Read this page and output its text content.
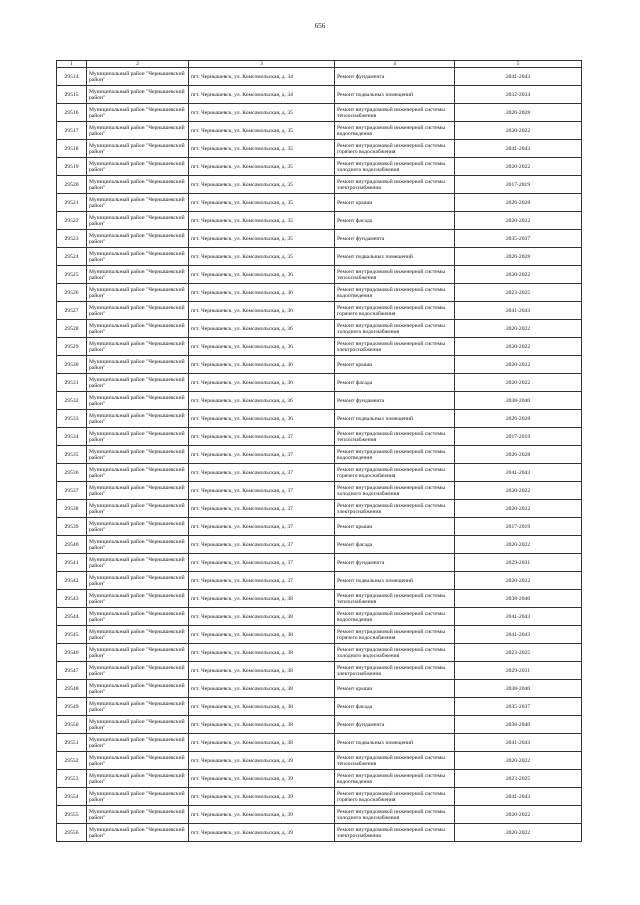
656
1	2	3	4	5
29514	Муниципальный район "Чернышевский район"	пгт. Чернышевск, ул. Комсомольская, д. 34	Ремонт фундамента	2041-2043
29515	Муниципальный район "Чернышевский район"	пгт. Чернышевск, ул. Комсомольская, д. 34	Ремонт подвальных помещений	2032-2034
29516	Муниципальный район "Чернышевский район"	пгт. Чернышевск, ул. Комсомольская, д. 35	Ремонт внутридомовой инженерной системы теплоснабжения	2026-2028
29517	Муниципальный район "Чернышевский район"	пгт. Чернышевск, ул. Комсомольская, д. 35	Ремонт внутридомовой инженерной системы водоотведения	2020-2022
29518	Муниципальный район "Чернышевский район"	пгт. Чернышевск, ул. Комсомольская, д. 35	Ремонт внутридомовой инженерной системы горячего водоснабжения	2041-2043
29519	Муниципальный район "Чернышевский район"	пгт. Чернышевск, ул. Комсомольская, д. 35	Ремонт внутридомовой инженерной системы холодного водоснабжения	2020-2022
29520	Муниципальный район "Чернышевский район"	пгт. Чернышевск, ул. Комсомольская, д. 35	Ремонт внутридомовой инженерной системы электроснабжения	2017-2019
29521	Муниципальный район "Чернышевский район"	пгт. Чернышевск, ул. Комсомольская, д. 35	Ремонт крыши	2026-2028
29522	Муниципальный район "Чернышевский район"	пгт. Чернышевск, ул. Комсомольская, д. 35	Ремонт фасада	2020-2022
29523	Муниципальный район "Чернышевский район"	пгт. Чернышевск, ул. Комсомольская, д. 35	Ремонт фундамента	2035-2037
29524	Муниципальный район "Чернышевский район"	пгт. Чернышевск, ул. Комсомольская, д. 35	Ремонт подвальных помещений	2026-2028
29525	Муниципальный район "Чернышевский район"	пгт. Чернышевск, ул. Комсомольская, д. 36	Ремонт внутридомовой инженерной системы теплоснабжения	2020-2022
29526	Муниципальный район "Чернышевский район"	пгт. Чернышевск, ул. Комсомольская, д. 36	Ремонт внутридомовой инженерной системы водоотведения	2023-2025
29527	Муниципальный район "Чернышевский район"	пгт. Чернышевск, ул. Комсомольская, д. 36	Ремонт внутридомовой инженерной системы горячего водоснабжения	2041-2043
29528	Муниципальный район "Чернышевский район"	пгт. Чернышевск, ул. Комсомольская, д. 36	Ремонт внутридомовой инженерной системы холодного водоснабжения	2020-2022
29529	Муниципальный район "Чернышевский район"	пгт. Чернышевск, ул. Комсомольская, д. 36	Ремонт внутридомовой инженерной системы электроснабжения	2020-2022
29530	Муниципальный район "Чернышевский район"	пгт. Чернышевск, ул. Комсомольская, д. 36	Ремонт крыши	2020-2022
29531	Муниципальный район "Чернышевский район"	пгт. Чернышевск, ул. Комсомольская, д. 36	Ремонт фасада	2020-2022
29532	Муниципальный район "Чернышевский район"	пгт. Чернышевск, ул. Комсомольская, д. 36	Ремонт фундамента	2038-2040
29533	Муниципальный район "Чернышевский район"	пгт. Чернышевск, ул. Комсомольская, д. 36	Ремонт подвальных помещений	2026-2028
29534	Муниципальный район "Чернышевский район"	пгт. Чернышевск, ул. Комсомольская, д. 37	Ремонт внутридомовой инженерной системы теплоснабжения	2017-2019
29535	Муниципальный район "Чернышевский район"	пгт. Чернышевск, ул. Комсомольская, д. 37	Ремонт внутридомовой инженерной системы водоотведения	2026-2028
29536	Муниципальный район "Чернышевский район"	пгт. Чернышевск, ул. Комсомольская, д. 37	Ремонт внутридомовой инженерной системы горячего водоснабжения	2041-2043
29537	Муниципальный район "Чернышевский район"	пгт. Чернышевск, ул. Комсомольская, д. 37	Ремонт внутридомовой инженерной системы холодного водоснабжения	2020-2022
29538	Муниципальный район "Чернышевский район"	пгт. Чернышевск, ул. Комсомольская, д. 37	Ремонт внутридомовой инженерной системы электроснабжения	2020-2022
29539	Муниципальный район "Чернышевский район"	пгт. Чернышевск, ул. Комсомольская, д. 37	Ремонт крыши	2017-2019
29540	Муниципальный район "Чернышевский район"	пгт. Чернышевск, ул. Комсомольская, д. 37	Ремонт фасада	2020-2022
29541	Муниципальный район "Чернышевский район"	пгт. Чернышевск, ул. Комсомольская, д. 37	Ремонт фундамента	2029-2031
29542	Муниципальный район "Чернышевский район"	пгт. Чернышевск, ул. Комсомольская, д. 37	Ремонт подвальных помещений	2020-2022
29543	Муниципальный район "Чернышевский район"	пгт. Чернышевск, ул. Комсомольская, д. 38	Ремонт внутридомовой инженерной системы теплоснабжения	2038-2040
29544	Муниципальный район "Чернышевский район"	пгт. Чернышевск, ул. Комсомольская, д. 38	Ремонт внутридомовой инженерной системы водоотведения	2041-2043
29545	Муниципальный район "Чернышевский район"	пгт. Чернышевск, ул. Комсомольская, д. 38	Ремонт внутридомовой инженерной системы горячего водоснабжения	2041-2043
29546	Муниципальный район "Чернышевский район"	пгт. Чернышевск, ул. Комсомольская, д. 38	Ремонт внутридомовой инженерной системы холодного водоснабжения	2023-2025
29547	Муниципальный район "Чернышевский район"	пгт. Чернышевск, ул. Комсомольская, д. 38	Ремонт внутридомовой инженерной системы электроснабжения	2029-2031
29548	Муниципальный район "Чернышевский район"	пгт. Чернышевск, ул. Комсомольская, д. 38	Ремонт крыши	2038-2040
29549	Муниципальный район "Чернышевский район"	пгт. Чернышевск, ул. Комсомольская, д. 38	Ремонт фасада	2035-2037
29550	Муниципальный район "Чернышевский район"	пгт. Чернышевск, ул. Комсомольская, д. 38	Ремонт фундамента	2038-2040
29551	Муниципальный район "Чернышевский район"	пгт. Чернышевск, ул. Комсомольская, д. 38	Ремонт подвальных помещений	2041-2043
29552	Муниципальный район "Чернышевский район"	пгт. Чернышевск, ул. Комсомольская, д. 39	Ремонт внутридомовой инженерной системы теплоснабжения	2020-2022
29553	Муниципальный район "Чернышевский район"	пгт. Чернышевск, ул. Комсомольская, д. 39	Ремонт внутридомовой инженерной системы водоотведения	2023-2025
29554	Муниципальный район "Чернышевский район"	пгт. Чернышевск, ул. Комсомольская, д. 39	Ремонт внутридомовой инженерной системы горячего водоснабжения	2041-2043
29555	Муниципальный район "Чернышевский район"	пгт. Чернышевск, ул. Комсомольская, д. 39	Ремонт внутридомовой инженерной системы холодного водоснабжения	2020-2022
29556	Муниципальный район "Чернышевский район"	пгт. Чернышевск, ул. Комсомольская, д. 39	Ремонт внутридомовой инженерной системы электроснабжения	2020-2022
